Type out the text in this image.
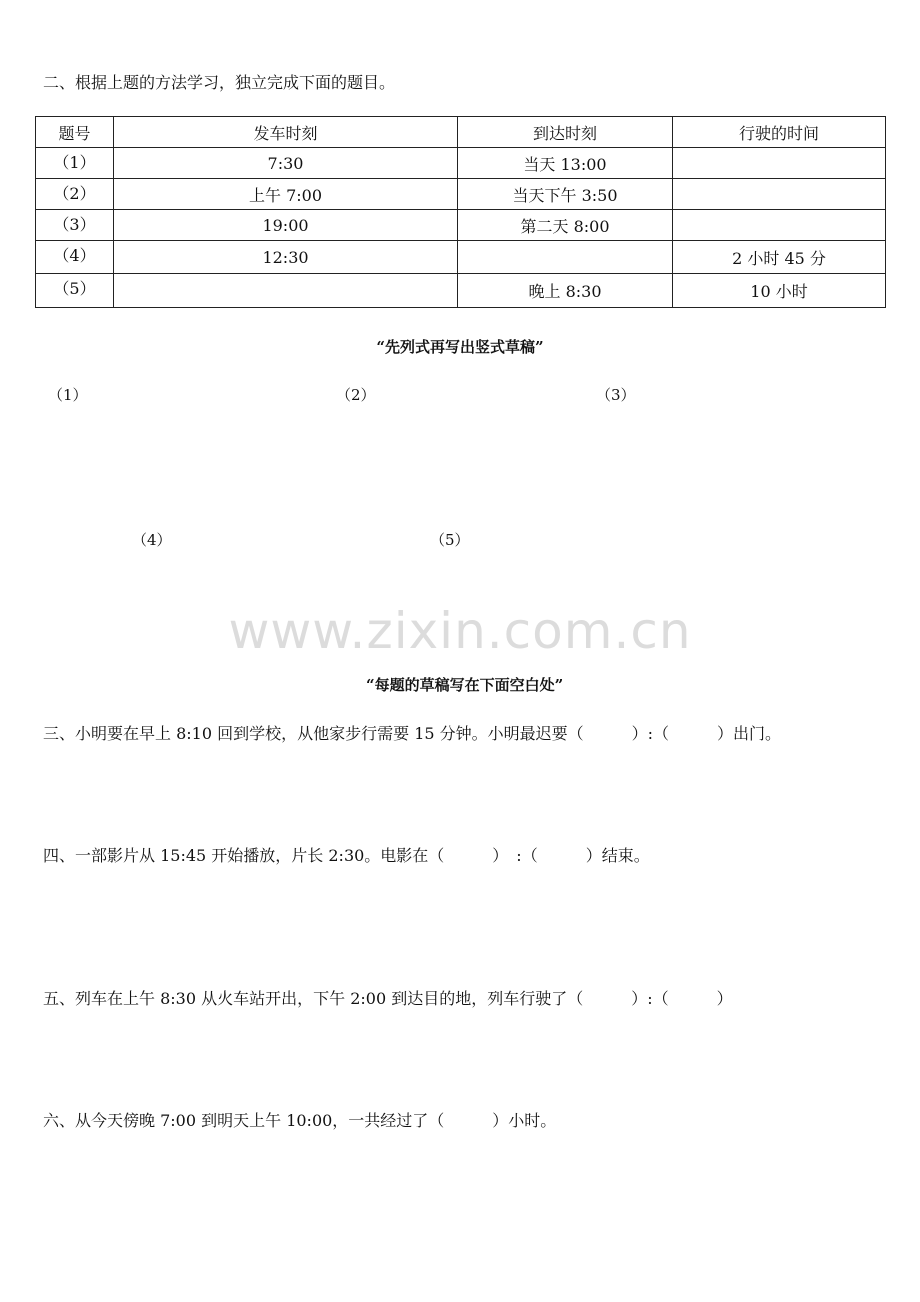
二、根据上题的方法学习，独立完成下面的题目。
题号	发车时刻	到达时刻	行驶的时间
（1）	7:30	当天 13:00	
（2）	上午 7:00	当天下午 3:50	
（3）	19:00	第二天 8:00	
（4）	12:30		2 小时 45 分
（5）		晚上 8:30	10 小时
“先列式再写出竖式草稿”
（1）	（2）	（3）
（4）	（5）
www.zixin.com.cn
“每题的草稿写在下面空白处”
三、小明要在早上 8:10 回到学校，从他家步行需要 15 分钟。小明最迟要（　　　）:（　　　）出门。
四、一部影片从 15:45 开始播放，片长 2:30。电影在（　　　）　:（　　　）结束。
五、列车在上午 8:30 从火车站开出，下午 2:00 到达目的地，列车行驶了（　　　）:（　　　）
六、从今天傍晚 7:00 到明天上午 10:00，一共经过了（　　　）小时。
